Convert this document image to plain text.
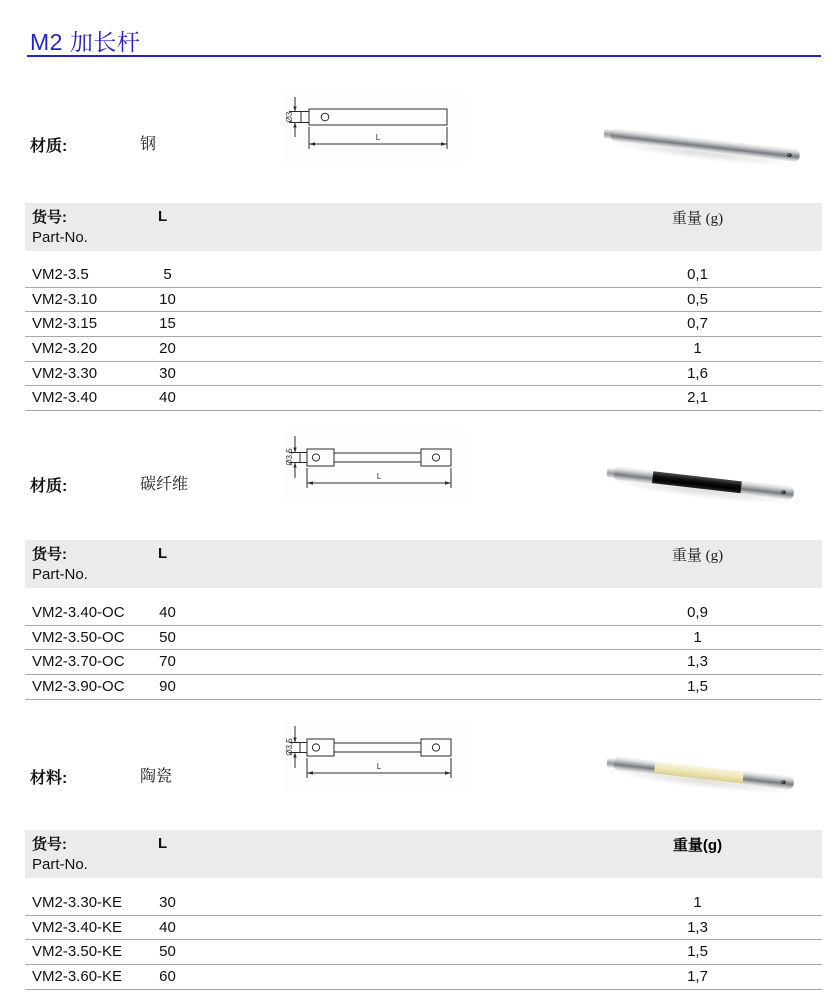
M2 加长杆
Ø3
L
材质:	钢
货号:
Part-No.
L	重量 (g)
VM2-3.5	5	0,1
VM2-3.10	10	0,5
VM2-3.15	15	0,7
VM2-3.20	20	1
VM2-3.30	30	1,6
VM2-3.40	40	2,1
Ø3,5
L
材质:	碳纤维
货号:
Part-No.
L	重量 (g)
VM2-3.40-OC	40	0,9
VM2-3.50-OC	50	1
VM2-3.70-OC	70	1,3
VM2-3.90-OC	90	1,5
Ø3,5
L
材料:	陶瓷
货号:
Part-No.
L	重量(g)
VM2-3.30-KE	30	1
VM2-3.40-KE	40	1,3
VM2-3.50-KE	50	1,5
VM2-3.60-KE	60	1,7
